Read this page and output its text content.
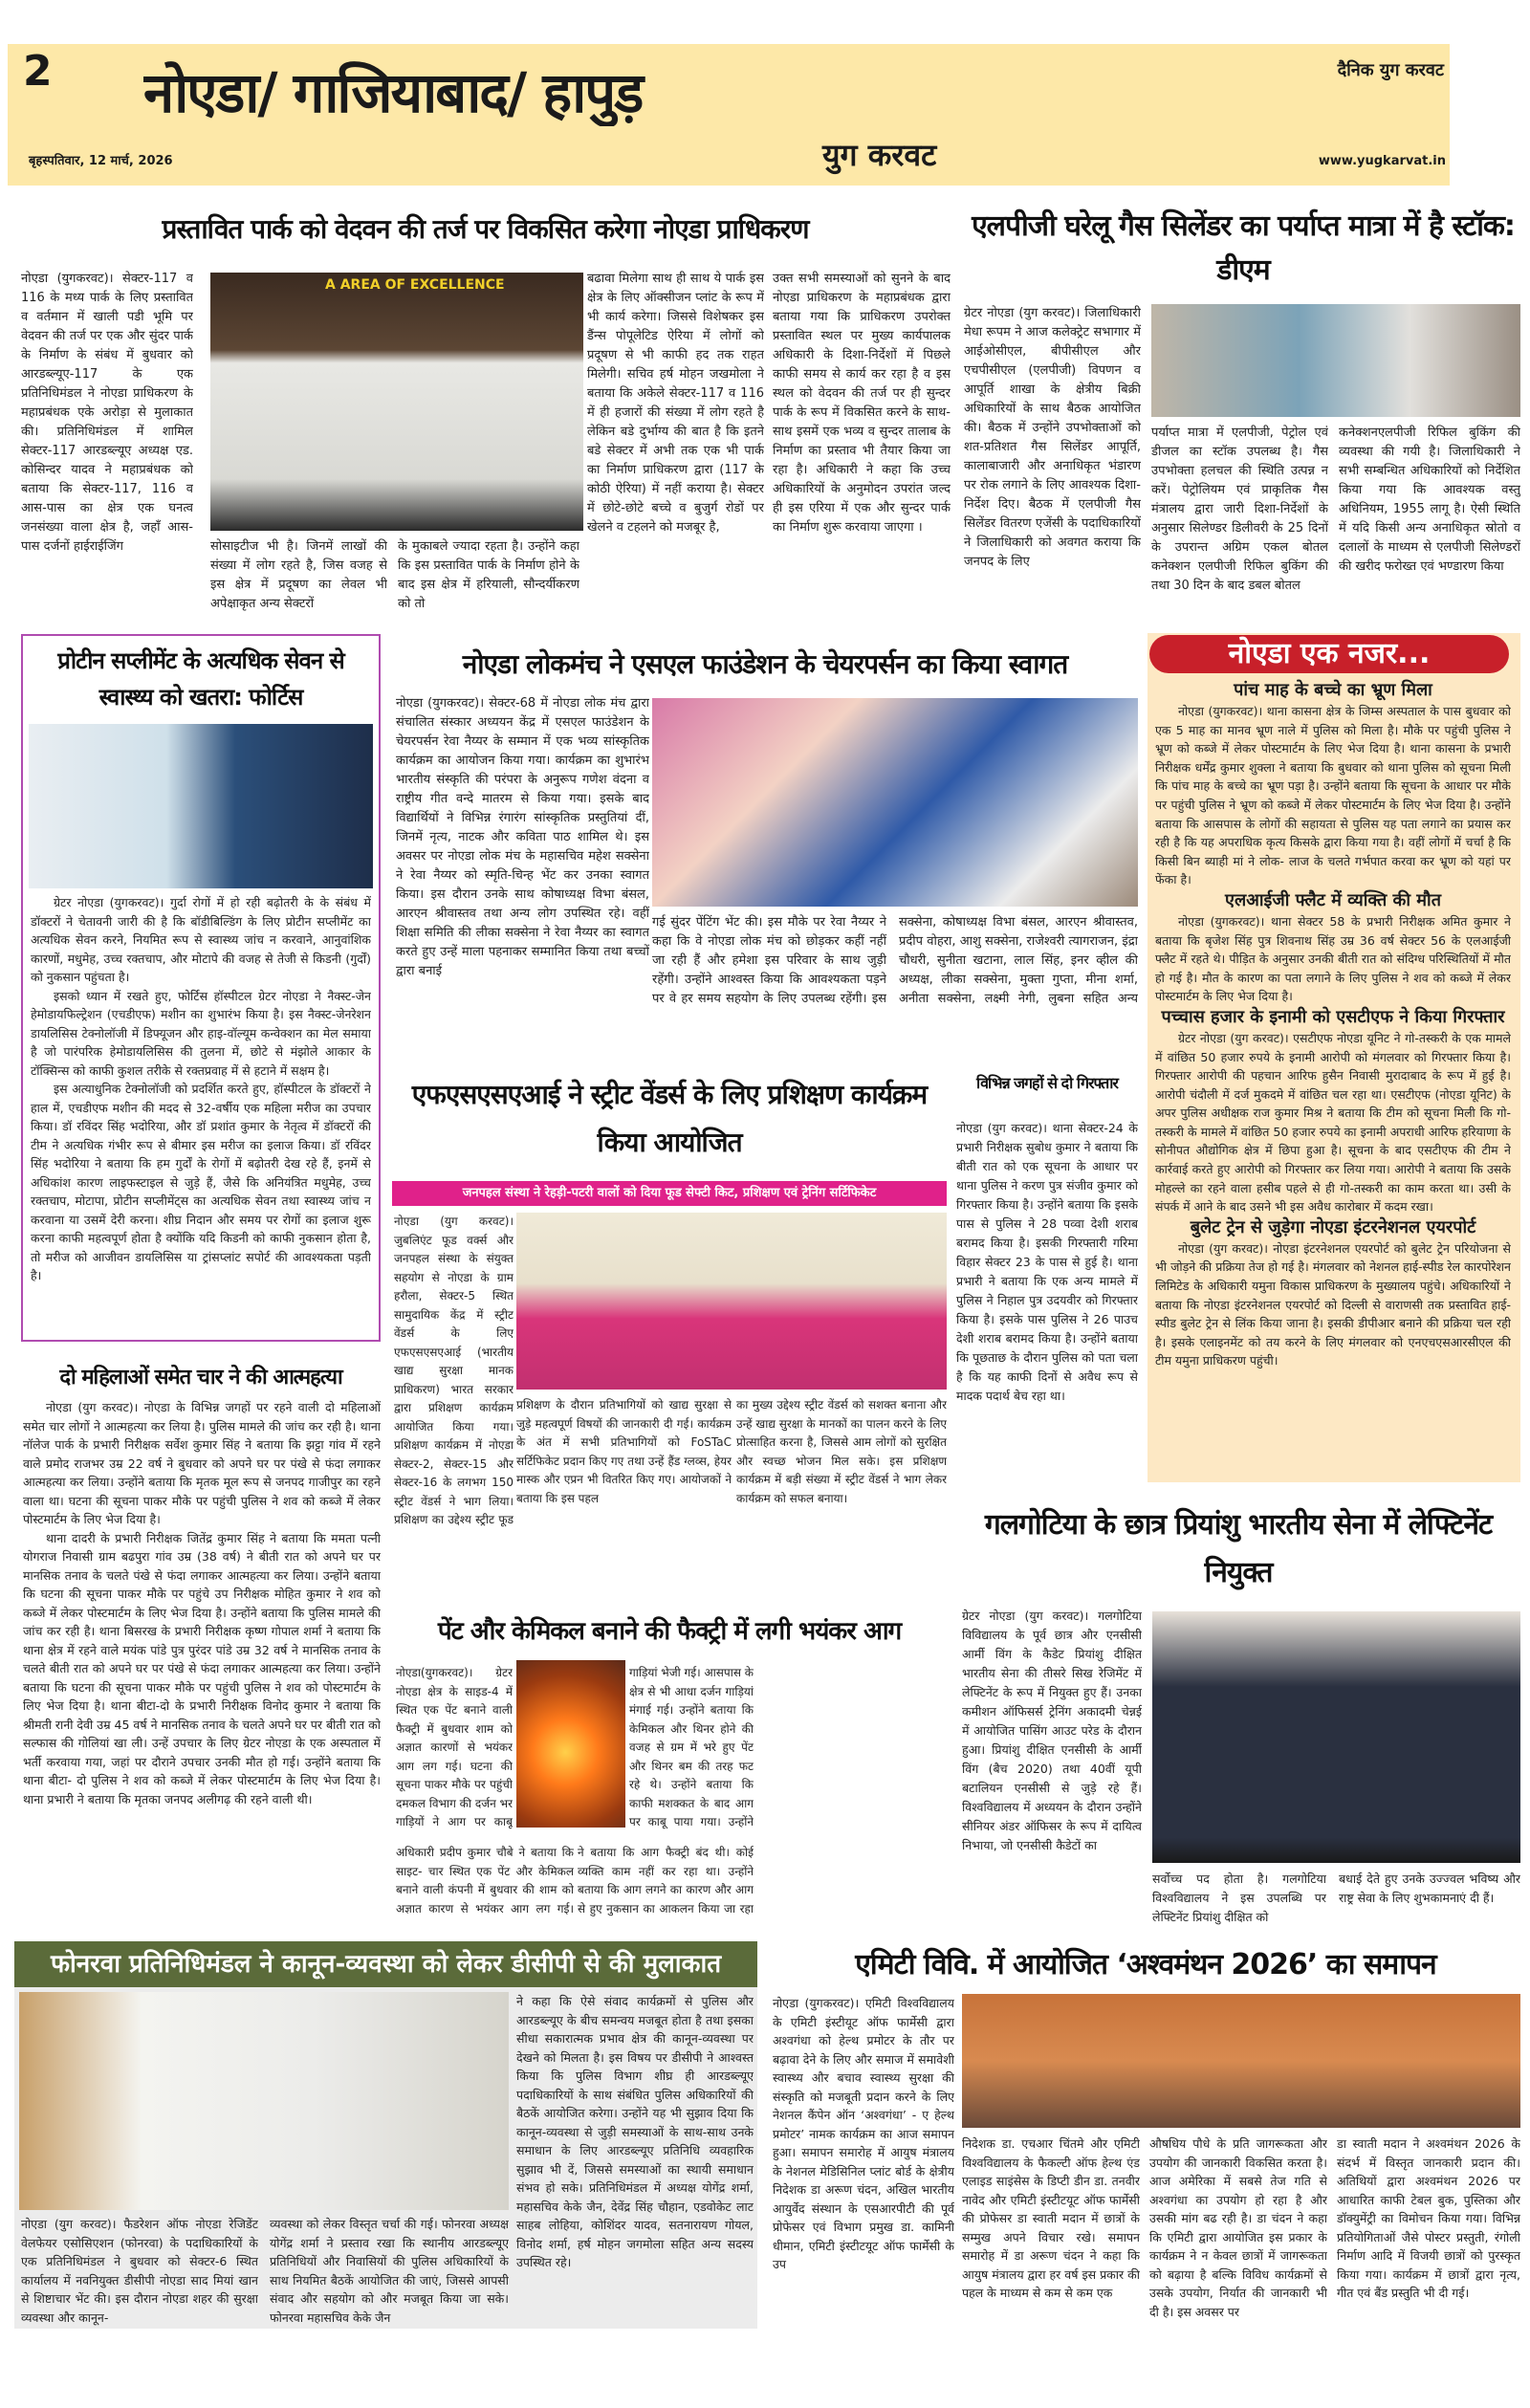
2 नोएडा/ गाजियाबाद/ हापुड़
युग करवट
दैनिक युग करवट
बृहस्पतिवार, 12 मार्च, 2026	www.yugkarvat.in
प्रस्तावित पार्क को वेदवन की तर्ज पर विकसित करेगा नोएडा प्राधिकरण
नोएडा (युगकरवट)। सेक्टर-117 व 116 के मध्य पार्क के लिए प्रस्तावित व वर्तमान में खाली पडी भूमि पर वेदवन की तर्ज पर एक और सुंदर पार्क के निर्माण के संबंध में बुधवार को आरडब्ल्यूए-117 के एक प्रतिनिधिमंडल ने नोएडा प्राधिकरण के महाप्रबंधक एके अरोड़ा से मुलाकात की। प्रतिनिधिमंडल में शामिल सेक्टर-117 आरडब्ल्यूए अध्यक्ष एड. कोसिन्दर यादव ने महाप्रबंधक को बताया कि सेक्टर-117, 116 व आस-पास का क्षेत्र एक घनत्व जनसंख्या वाला क्षेत्र है, जहाँ आस-पास दर्जनों हाईराईजिंग
A AREA OF EXCELLENCE
सोसाइटीज भी है। जिनमें लाखों की संख्या में लोग रहते है, जिस वजह से इस क्षेत्र में प्रदूषण का लेवल भी अपेक्षाकृत अन्य सेक्टरों
के मुकाबले ज्यादा रहता है। उन्होंने कहा कि इस प्रस्तावित पार्क के निर्माण होने के बाद इस क्षेत्र में हरियाली, सौन्दर्यीकरण को तो
बढावा मिलेगा साथ ही साथ ये पार्क इस क्षेत्र के लिए ऑक्सीजन प्लांट के रूप में भी कार्य करेगा। जिससे विशेषकर इस डैंन्स पोपूलेटिड ऐरिया में लोगों को प्रदूषण से भी काफी हद तक राहत मिलेगी। सचिव हर्ष मोहन जखमोला ने बताया कि अकेले सेक्टर-117 व 116 में ही हजारों की संख्या में लोग रहते है लेकिन बडे दुर्भाग्य की बात है कि इतने बडे सेक्टर में अभी तक एक भी पार्क का निर्माण प्राधिकरण द्वारा (117 के कोठी ऐरिया) में नहीं कराया है। सेक्टर में छोटे-छोटे बच्चे व बुजुर्ग रोडों पर खेलने व टहलने को मजबूर है,
उक्त सभी समस्याओं को सुनने के बाद नोएडा प्राधिकरण के महाप्रबंधक द्वारा बताया गया कि प्राधिकरण उपरोक्त प्रस्तावित स्थल पर मुख्य कार्यपालक अधिकारी के दिशा-निर्देशों में पिछले काफी समय से कार्य कर रहा है व इस स्थल को वेदवन की तर्ज पर ही सुन्दर पार्क के रूप में विकसित करने के साथ-साथ इसमें एक भव्य व सुन्दर तालाब के निर्माण का प्रस्ताव भी तैयार किया जा रहा है। अधिकारी ने कहा कि उच्च अधिकारियों के अनुमोदन उपरांत जल्द ही इस एरिया में एक और सुन्दर पार्क का निर्माण शुरू करवाया जाएगा ।
एलपीजी घरेलू गैस सिलेंडर का पर्याप्त मात्रा में है स्टॉक: डीएम
ग्रेटर नोएडा (युग करवट)। जिलाधिकारी मेधा रूपम ने आज कलेक्ट्रेट सभागार में आईओसीएल, बीपीसीएल और एचपीसीएल (एलपीजी) विपणन व आपूर्ति शाखा के क्षेत्रीय बिक्री अधिकारियों के साथ बैठक आयोजित की। बैठक में उन्होंने उपभोक्ताओं को शत-प्रतिशत गैस सिलेंडर आपूर्ति, कालाबाजारी और अनाधिकृत भंडारण पर रोक लगाने के लिए आवश्यक दिशा-निर्देश दिए। बैठक में एलपीजी गैस सिलेंडर वितरण एजेंसी के पदाधिकारियों ने जिलाधिकारी को अवगत कराया कि जनपद के लिए
पर्याप्त मात्रा में एलपीजी, पेट्रोल एवं डीजल का स्टॉक उपलब्ध है। गैस उपभोक्ता हलचल की स्थिति उत्पन्न न करें। पेट्रोलियम एवं प्राकृतिक गैस मंत्रालय द्वारा जारी दिशा-निर्देशों के अनुसार सिलेण्डर डिलीवरी के 25 दिनों के उपरान्त अग्रिम एकल बोतल कनेक्शन एलपीजी रिफिल बुकिंग की तथा 30 दिन के बाद डबल बोतल
कनेक्शनएलपीजी रिफिल बुकिंग की व्यवस्था की गयी है। जिलाधिकारी ने सभी सम्बन्धित अधिकारियों को निर्देशित किया गया कि आवश्यक वस्तु अधिनियम, 1955 लागू है। ऐसी स्थिति में यदि किसी अन्य अनाधिकृत स्रोतो व दलालों के माध्यम से एलपीजी सिलेण्डरों की खरीद फरोख्त एवं भण्डारण किया
प्रोटीन सप्लीमेंट के अत्यधिक सेवन से स्वास्थ्य को खतरा: फोर्टिस

ग्रेटर नोएडा (युगकरवट)। गुर्दा रोगों में हो रही बढ़ोतरी के के संबंध में डॉक्टरों ने चेतावनी जारी की है कि बॉडीबिल्डिंग के लिए प्रोटीन सप्लीमेंट का अत्यधिक सेवन करने, नियमित रूप से स्वास्थ्य जांच न करवाने, आनुवांशिक कारणों, मधुमेह, उच्च रक्तचाप, और मोटापे की वजह से तेजी से किडनी (गुर्दों) को नुकसान पहुंचता है।

इसको ध्यान में रखते हुए, फोर्टिस हॉस्पीटल ग्रेटर नोएडा ने नैक्स्ट-जेन हेमोडायफिल्ट्रेशन (एचडीएफ) मशीन का शुभारंभ किया है। इस नैक्स्ट-जेनरेशन डायलिसिस टेक्नोलॉजी में डिफ्यूजन और हाइ-वॉल्यूम कन्वेक्शन का मेल समाया है जो पारंपरिक हेमोडायलिसिस की तुलना में, छोटे से मंझोले आकार के टॉक्सिन्स को काफी कुशल तरीके से रक्तप्रवाह में से हटाने में सक्षम है।

इस अत्याधुनिक टेक्नोलॉजी को प्रदर्शित करते हुए, हॉस्पीटल के डॉक्टरों ने हाल में, एचडीएफ मशीन की मदद से 32-वर्षीय एक महिला मरीज का उपचार किया। डॉ रविंदर सिंह भदोरिया, और डॉ प्रशांत कुमार के नेतृत्व में डॉक्टरों की टीम ने अत्यधिक गंभीर रूप से बीमार इस मरीज का इलाज किया। डॉ रविंदर सिंह भदोरिया ने बताया कि हम गुर्दों के रोगों में बढ़ोतरी देख रहे हैं, इनमें से अधिकांश कारण लाइफस्टाइल से जुड़े हैं, जैसे कि अनियंत्रित मधुमेह, उच्च रक्तचाप, मोटापा, प्रोटीन सप्लीमेंट्स का अत्यधिक सेवन तथा स्वास्थ्य जांच न करवाना या उसमें देरी करना। शीघ्र निदान और समय पर रोगों का इलाज शुरू करना काफी महत्वपूर्ण होता है क्योंकि यदि किडनी को काफी नुकसान होता है, तो मरीज को आजीवन डायलिसिस या ट्रांसप्लांट सपोर्ट की आवश्यकता पड़ती है।

नोएडा लोकमंच ने एसएल फाउंडेशन के चेयरपर्सन का किया स्वागत
नोएडा (युगकरवट)। सेक्टर-68 में नोएडा लोक मंच द्वारा संचालित संस्कार अध्ययन केंद्र में एसएल फाउंडेशन के चेयरपर्सन रेवा नैय्यर के सम्मान में एक भव्य सांस्कृतिक कार्यक्रम का आयोजन किया गया। कार्यक्रम का शुभारंभ भारतीय संस्कृति की परंपरा के अनुरूप गणेश वंदना व राष्ट्रीय गीत वन्दे मातरम से किया गया। इसके बाद विद्यार्थियों ने विभिन्न रंगारंग सांस्कृतिक प्रस्तुतियां दीं, जिनमें नृत्य, नाटक और कविता पाठ शामिल थे। इस अवसर पर नोएडा लोक मंच के महासचिव महेश सक्सेना ने रेवा नैय्यर को स्मृति-चिन्ह भेंट कर उनका स्वागत किया। इस दौरान उनके साथ कोषाध्यक्ष विभा बंसल, आरएन श्रीवास्तव तथा अन्य लोग उपस्थित रहे। वहीं शिक्षा समिति की लीका सक्सेना ने रेवा नैय्यर का स्वागत करते हुए उन्हें माला पहनाकर सम्मानित किया तथा बच्चों द्वारा बनाई
गई सुंदर पेंटिंग भेंट की। इस मौके पर रेवा नैय्यर ने कहा कि वे नोएडा लोक मंच को छोड़कर कहीं नहीं जा रही हैं और हमेशा इस परिवार के साथ जुड़ी रहेंगी। उन्होंने आश्वस्त किया कि आवश्यकता पड़ने पर वे हर समय सहयोग के लिए उपलब्ध रहेंगी। इस
सक्सेना, कोषाध्यक्ष विभा बंसल, आरएन श्रीवास्तव, प्रदीप वोहरा, आशु सक्सेना, राजेश्वरी त्यागराजन, इंद्रा चौधरी, सुनीता खटाना, लाल सिंह, इनर व्हील की अध्यक्ष, लीका सक्सेना, मुक्ता गुप्ता, मीना शर्मा, अनीता सक्सेना, लक्ष्मी नेगी, लुबना सहित अन्य
नोएडा एक नजर...
पांच माह के बच्चे का भ्रूण मिला
नोएडा (युगकरवट)। थाना कासना क्षेत्र के जिम्स अस्पताल के पास बुधवार को एक 5 माह का मानव भ्रूण नाले में पुलिस को मिला है। मौके पर पहुंची पुलिस ने भ्रूण को कब्जे में लेकर पोस्टमार्टम के लिए भेज दिया है। थाना कासना के प्रभारी निरीक्षक धर्मेंद्र कुमार शुक्ला ने बताया कि बुधवार को थाना पुलिस को सूचना मिली कि पांच माह के बच्चे का भ्रूण पड़ा है। उन्होंने बताया कि सूचना के आधार पर मौके पर पहुंची पुलिस ने भ्रूण को कब्जे में लेकर पोस्टमार्टम के लिए भेज दिया है। उन्होंने बताया कि आसपास के लोगों की सहायता से पुलिस यह पता लगाने का प्रयास कर रही है कि यह अपराधिक कृत्य किसके द्वारा किया गया है। वहीं लोगों में चर्चा है कि किसी बिन ब्याही मां ने लोक- लाज के चलते गर्भपात करवा कर भ्रूण को यहां पर फेंका है।
एलआईजी फ्लैट में व्यक्ति की मौत
नोएडा (युगकरवट)। थाना सेक्टर 58 के प्रभारी निरीक्षक अमित कुमार ने बताया कि बृजेश सिंह पुत्र शिवनाथ सिंह उम्र 36 वर्ष सेक्टर 56 के एलआईजी फ्लैट में रहते थे। पीड़ित के अनुसार उनकी बीती रात को संदिग्ध परिस्थितियों में मौत हो गई है। मौत के कारण का पता लगाने के लिए पुलिस ने शव को कब्जे में लेकर पोस्टमार्टम के लिए भेज दिया है।
पच्चास हजार के इनामी को एसटीएफ ने किया गिरफ्तार
ग्रेटर नोएडा (युग करवट)। एसटीएफ नोएडा यूनिट ने गो-तस्करी के एक मामले में वांछित 50 हजार रुपये के इनामी आरोपी को मंगलवार को गिरफ्तार किया है। गिरफ्तार आरोपी की पहचान आरिफ हुसैन निवासी मुरादाबाद के रूप में हुई है। आरोपी चंदौली में दर्ज मुकदमे में वांछित चल रहा था। एसटीएफ (नोएडा यूनिट) के अपर पुलिस अधीक्षक राज कुमार मिश्र ने बताया कि टीम को सूचना मिली कि गो-तस्करी के मामले में वांछित 50 हजार रुपये का इनामी अपराधी आरिफ हरियाणा के सोनीपत औद्योगिक क्षेत्र में छिपा हुआ है। सूचना के बाद एसटीएफ की टीम ने कार्रवाई करते हुए आरोपी को गिरफ्तार कर लिया गया। आरोपी ने बताया कि उसके मोहल्ले का रहने वाला हसीब पहले से ही गो-तस्करी का काम करता था। उसी के संपर्क में आने के बाद उसने भी इस अवैध कारोबार में कदम रखा।
बुलेट ट्रेन से जुड़ेगा नोएडा इंटरनेशनल एयरपोर्ट
नोएडा (युग करवट)। नोएडा इंटरनेशनल एयरपोर्ट को बुलेट ट्रेन परियोजना से भी जोड़ने की प्रक्रिया तेज हो गई है। मंगलवार को नेशनल हाई-स्पीड रेल कारपोरेशन लिमिटेड के अधिकारी यमुना विकास प्राधिकरण के मुख्यालय पहुंचे। अधिकारियों ने बताया कि नोएडा इंटरनेशनल एयरपोर्ट को दिल्ली से वाराणसी तक प्रस्तावित हाई-स्पीड बुलेट ट्रेन से लिंक किया जाना है। इसकी डीपीआर बनाने की प्रक्रिया चल रही है। इसके एलाइनमेंट को तय करने के लिए मंगलवार को एनएचएसआरसीएल की टीम यमुना प्राधिकरण पहुंची।
एफएसएसएआई ने स्ट्रीट वेंडर्स के लिए प्रशिक्षण कार्यक्रम किया आयोजित
जनपहल संस्था ने रेहड़ी-पटरी वालों को दिया फूड सेफ्टी किट, प्रशिक्षण एवं ट्रेनिंग सर्टिफिकेट
नोएडा (युग करवट)। जुबलिएंट फूड वर्क्स और जनपहल संस्था के संयुक्त सहयोग से नोएडा के ग्राम हरौला, सेक्टर-5 स्थित सामुदायिक केंद्र में स्ट्रीट वेंडर्स के लिए एफएसएसएआई (भारतीय खाद्य सुरक्षा मानक प्राधिकरण) भारत सरकार द्वारा प्रशिक्षण कार्यक्रम आयोजित किया गया। प्रशिक्षण कार्यक्रम में नोएडा सेक्टर-2, सेक्टर-15 और सेक्टर-16 के लगभग 150 स्ट्रीट वेंडर्स ने भाग लिया। प्रशिक्षण का उद्देश्य स्ट्रीट फूड
प्रशिक्षण के दौरान प्रतिभागियों को खाद्य सुरक्षा से जुड़े महत्वपूर्ण विषयों की जानकारी दी गई। कार्यक्रम के अंत में सभी प्रतिभागियों को FoSTaC सर्टिफिकेट प्रदान किए गए तथा उन्हें हैंड ग्लव्स, हेयर मास्क और एप्रन भी वितरित किए गए। आयोजकों ने बताया कि इस पहल
का मुख्य उद्देश्य स्ट्रीट वेंडर्स को सशक्त बनाना और उन्हें खाद्य सुरक्षा के मानकों का पालन करने के लिए प्रोत्साहित करना है, जिससे आम लोगों को सुरक्षित और स्वच्छ भोजन मिल सके। इस प्रशिक्षण कार्यक्रम में बड़ी संख्या में स्ट्रीट वेंडर्स ने भाग लेकर कार्यक्रम को सफल बनाया।
विभिन्न जगहों से दो गिरफ्तार
नोएडा (युग करवट)। थाना सेक्टर-24 के प्रभारी निरीक्षक सुबोध कुमार ने बताया कि बीती रात को एक सूचना के आधार पर थाना पुलिस ने करण पुत्र संजीव कुमार को गिरफ्तार किया है। उन्होंने बताया कि इसके पास से पुलिस ने 28 पव्वा देशी शराब बरामद किया है। इसकी गिरफ्तारी गरिमा विहार सेक्टर 23 के पास से हुई है। थाना प्रभारी ने बताया कि एक अन्य मामले में पुलिस ने निहाल पुत्र उदयवीर को गिरफ्तार किया है। इसके पास पुलिस ने 26 पाउच देशी शराब बरामद किया है। उन्होंने बताया कि पूछताछ के दौरान पुलिस को पता चला है कि यह काफी दिनों से अवैध रूप से मादक पदार्थ बेच रहा था।
दो महिलाओं समेत चार ने की आत्महत्या

नोएडा (युग करवट)। नोएडा के विभिन्न जगहों पर रहने वाली दो महिलाओं समेत चार लोगों ने आत्महत्या कर लिया है। पुलिस मामले की जांच कर रही है। थाना नॉलेज पार्क के प्रभारी निरीक्षक सर्वेश कुमार सिंह ने बताया कि झट्टा गांव में रहने वाले प्रमोद राजभर उम्र 22 वर्ष ने बुधवार को अपने घर पर पंखे से फंदा लगाकर आत्महत्या कर लिया। उन्होंने बताया कि मृतक मूल रूप से जनपद गाजीपुर का रहने वाला था। घटना की सूचना पाकर मौके पर पहुंची पुलिस ने शव को कब्जे में लेकर पोस्टमार्टम के लिए भेज दिया है।

थाना दादरी के प्रभारी निरीक्षक जितेंद्र कुमार सिंह ने बताया कि ममता पत्नी योगराज निवासी ग्राम बढपुरा गांव उम्र (38 वर्ष) ने बीती रात को अपने घर पर मानसिक तनाव के चलते पंखे से फंदा लगाकर आत्महत्या कर लिया। उन्होंने बताया कि घटना की सूचना पाकर मौके पर पहुंचे उप निरीक्षक मोहित कुमार ने शव को कब्जे में लेकर पोस्टमार्टम के लिए भेज दिया है। उन्होंने बताया कि पुलिस मामले की जांच कर रही है। थाना बिसरख के प्रभारी निरीक्षक कृष्ण गोपाल शर्मा ने बताया कि थाना क्षेत्र में रहने वाले मयंक पांडे पुत्र पुरंदर पांडे उम्र 32 वर्ष ने मानसिक तनाव के चलते बीती रात को अपने घर पर पंखे से फंदा लगाकर आत्महत्या कर लिया। उन्होंने बताया कि घटना की सूचना पाकर मौके पर पहुंची पुलिस ने शव को पोस्टमार्टम के लिए भेज दिया है। थाना बीटा-दो के प्रभारी निरीक्षक विनोद कुमार ने बताया कि श्रीमती रानी देवी उम्र 45 वर्ष ने मानसिक तनाव के चलते अपने घर पर बीती रात को सल्फास की गोलियां खा ली। उन्हें उपचार के लिए ग्रेटर नोएडा के एक अस्पताल में भर्ती करवाया गया, जहां पर दौराने उपचार उनकी मौत हो गई। उन्होंने बताया कि थाना बीटा- दो पुलिस ने शव को कब्जे में लेकर पोस्टमार्टम के लिए भेज दिया है। थाना प्रभारी ने बताया कि मृतका जनपद अलीगढ़ की रहने वाली थी।

पेंट और केमिकल बनाने की फैक्ट्री में लगी भयंकर आग
नोएडा(युगकरवट)। ग्रेटर नोएडा क्षेत्र के साइड-4 में स्थित एक पेंट बनाने वाली फैक्ट्री में बुधवार शाम को अज्ञात कारणों से भयंकर आग लग गई। घटना की सूचना पाकर मौके पर पहुंची दमकल विभाग की दर्जन भर गाड़ियों ने आग पर काबू
गाड़ियां भेजी गई। आसपास के क्षेत्र से भी आधा दर्जन गाड़ियां मंगाई गई। उन्होंने बताया कि केमिकल और थिनर होने की वजह से ग्रम में भरे हुए पेंट और थिनर बम की तरह फट रहे थे। उन्होंने बताया कि काफी मशक्कत के बाद आग पर काबू पाया गया। उन्होंने
अधिकारी प्रदीप कुमार चौबे ने बताया कि साइट- चार स्थित एक पेंट और केमिकल बनाने वाली कंपनी में बुधवार की शाम को अज्ञात कारण से भयंकर आग लग गई।
ने बताया कि आग फैक्ट्री बंद थी। कोई व्यक्ति काम नहीं कर रहा था। उन्होंने बताया कि आग लगने का कारण और आग से हुए नुकसान का आकलन किया जा रहा
गलगोटिया के छात्र प्रियांशु भारतीय सेना में लेफ्टिनेंट नियुक्त
ग्रेटर नोएडा (युग करवट)। गलगोटिया विविद्यालय के पूर्व छात्र और एनसीसी आर्मी विंग के कैडेट प्रियांशु दीक्षित भारतीय सेना की तीसरे सिख रेजिमेंट में लेफ्टिनेंट के रूप में नियुक्त हुए हैं। उनका कमीशन ऑफिसर्स ट्रेनिंग अकादमी चेन्नई में आयोजित पासिंग आउट परेड के दौरान हुआ। प्रियांशु दीक्षित एनसीसी के आर्मी विंग (बैच 2020) तथा 40वीं यूपी बटालियन एनसीसी से जुड़े रहे हैं। विश्वविद्यालय में अध्ययन के दौरान उन्होंने सीनियर अंडर ऑफिसर के रूप में दायित्व निभाया, जो एनसीसी कैडेटों का
सर्वोच्च पद होता है। गलगोटिया विश्वविद्यालय ने इस उपलब्धि पर लेफ्टिनेंट प्रियांशु दीक्षित को
बधाई देते हुए उनके उज्ज्वल भविष्य और राष्ट्र सेवा के लिए शुभकामनाएं दी हैं।
फोनरवा प्रतिनिधिमंडल ने कानून-व्यवस्था को लेकर डीसीपी से की मुलाकात
नोएडा (युग करवट)। फैडरेशन ऑफ नोएडा रेजिडेंट वेलफेयर एसोसिएशन (फोनरवा) के पदाधिकारियों के एक प्रतिनिधिमंडल ने बुधवार को सेक्टर-6 स्थित कार्यालय में नवनियुक्त डीसीपी नोएडा साद मियां खान से शिष्टाचार भेंट की। इस दौरान नोएडा शहर की सुरक्षा व्यवस्था और कानून-
व्यवस्था को लेकर विस्तृत चर्चा की गई। फोनरवा अध्यक्ष योगेंद्र शर्मा ने प्रस्ताव रखा कि स्थानीय आरडब्ल्यूए प्रतिनिधियों और निवासियों की पुलिस अधिकारियों के साथ नियमित बैठकें आयोजित की जाएं, जिससे आपसी संवाद और सहयोग को और मजबूत किया जा सके। फोनरवा महासचिव केके जैन
ने कहा कि ऐसे संवाद कार्यक्रमों से पुलिस और आरडब्ल्यूए के बीच समन्वय मजबूत होता है तथा इसका सीधा सकारात्मक प्रभाव क्षेत्र की कानून-व्यवस्था पर देखने को मिलता है। इस विषय पर डीसीपी ने आश्वस्त किया कि पुलिस विभाग शीघ्र ही आरडब्ल्यूए पदाधिकारियों के साथ संबंधित पुलिस अधिकारियों की बैठकें आयोजित करेगा। उन्होंने यह भी सुझाव दिया कि कानून-व्यवस्था से जुड़ी समस्याओं के साथ-साथ उनके समाधान के लिए आरडब्ल्यूए प्रतिनिधि व्यवहारिक सुझाव भी दें, जिससे समस्याओं का स्थायी समाधान संभव हो सके। प्रतिनिधिमंडल में अध्यक्ष योगेंद्र शर्मा, महासचिव केके जैन, देवेंद्र सिंह चौहान, एडवोकेट लाट साहब लोहिया, कोशिंदर यादव, सतनारायण गोयल, विनोद शर्मा, हर्ष मोहन जगमोला सहित अन्य सदस्य उपस्थित रहे।
एमिटी विवि. में आयोजित ‘अश्वमंथन 2026’ का समापन
नोएडा (युगकरवट)। एमिटी विश्वविद्यालय के एमिटी इंस्टीयूट ऑफ फार्मेसी द्वारा अश्वगंधा को हेल्थ प्रमोटर के तौर पर बढ़ावा देने के लिए और समाज में समावेशी स्वास्थ्य और बचाव स्वास्थ्य सुरक्षा की संस्कृति को मजबूती प्रदान करने के लिए नेशनल कैंपेन ऑन ‘अश्वगंधा’ - ए हेल्थ प्रमोटर’ नामक कार्यक्रम का आज समापन हुआ। समापन समारोह में आयुष मंत्रालय के नेशनल मेडिसिनिल प्लांट बोर्ड के क्षेत्रीय निदेशक डा अरूण चंदन, अखिल भारतीय आयुर्वेद संस्थान के एसआरपीटी की पूर्व प्रोफेसर एवं विभाग प्रमुख डा. कामिनी धीमान, एमिटी इंस्टीटयूट ऑफ फार्मेसी के उप
निदेशक डा. एचआर चिंतमे और एमिटी विश्वविद्यालय के फैकल्टी ऑफ हेल्थ एंड एलाइड साइंसेस के डिप्टी डीन डा. तनवीर नावेद और एमिटी इंस्टीटयूट ऑफ फार्मेसी की प्रोफेसर डा स्वाती मदान में छात्रों के सम्मुख अपने विचार रखे। समापन समारोह में डा अरूण चंदन ने कहा कि आयुष मंत्रालय द्वारा हर वर्ष इस प्रकार की पहल के माध्यम से कम से कम एक
औषधिय पौधे के प्रति जागरूकता और उपयोग की जानकारी विकसित करता है। आज अमेरिका में सबसे तेज गति से अश्वगंधा का उपयोग हो रहा है और उसकी मांग बढ रही है। डा चंदन ने कहा कि एमिटी द्वारा आयोजित इस प्रकार के कार्यक्रम ने न केवल छात्रों में जागरूकता को बढ़ाया है बल्कि विविध कार्यक्रमों से उसके उपयोग, निर्यात की जानकारी भी दी है। इस अवसर पर
डा स्वाती मदान ने अश्वमंथन 2026 के संदर्भ में विस्तृत जानकारी प्रदान की। अतिथियों द्वारा अश्वमंथन 2026 पर आधारित काफी टेबल बुक, पुस्तिका और डॉक्युमेंट्री का विमोचन किया गया। विभिन्न प्रतियोगिताओं जैसे पोस्टर प्रस्तुती, रंगोली निर्माण आदि में विजयी छात्रों को पुरस्कृत किया गया। कार्यक्रम में छात्रों द्वारा नृत्य, गीत एवं बैंड प्रस्तुति भी दी गई।
